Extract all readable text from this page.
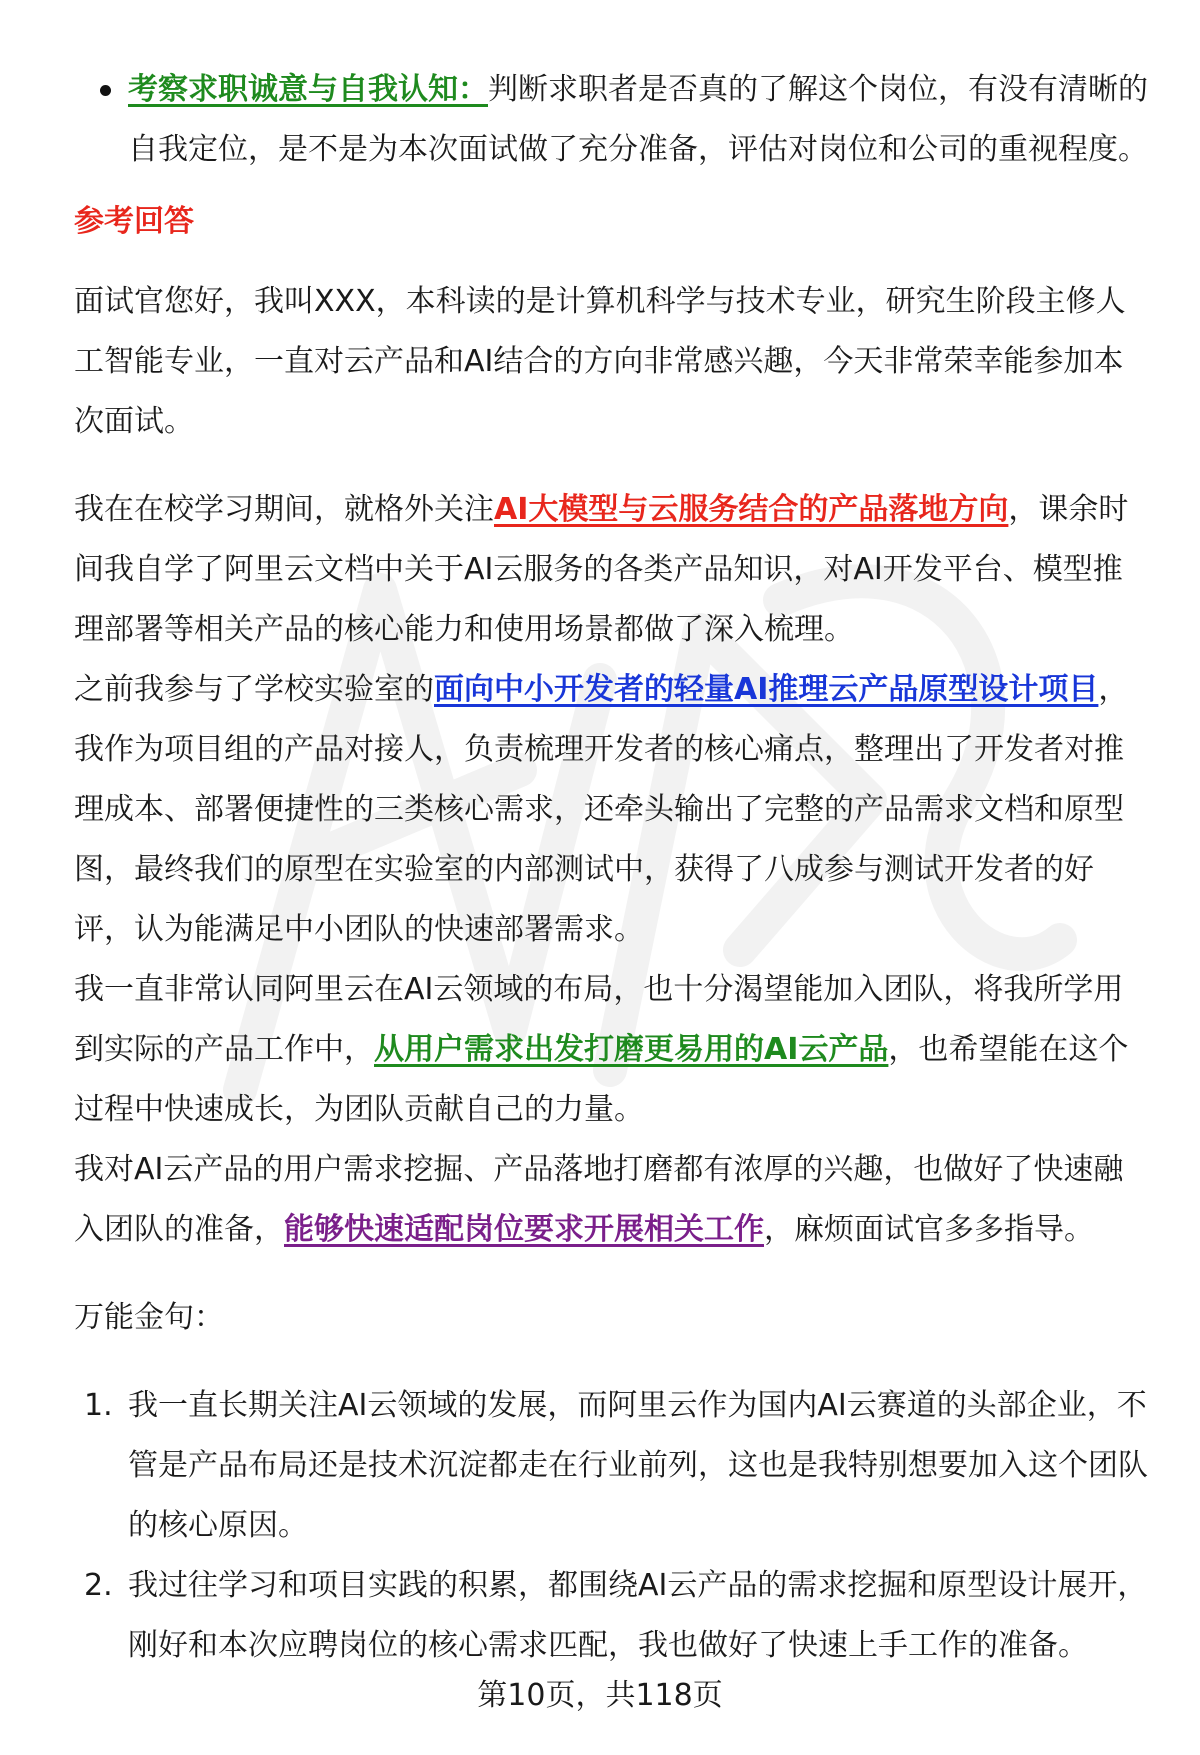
考察求职诚意与自我认知：判断求职者是否真的了解这个岗位，有没有清晰的自我定位，是不是为本次面试做了充分准备，评估对岗位和公司的重视程度。
参考回答

面试官您好，我叫XXX，本科读的是计算机科学与技术专业，研究生阶段主修人工智能专业，一直对云产品和AI结合的方向非常感兴趣，今天非常荣幸能参加本次面试。

我在在校学习期间，就格外关注AI大模型与云服务结合的产品落地方向，课余时间我自学了阿里云文档中关于AI云服务的各类产品知识，对AI开发平台、模型推理部署等相关产品的核心能力和使用场景都做了深入梳理。

之前我参与了学校实验室的面向中小开发者的轻量AI推理云产品原型设计项目，我作为项目组的产品对接人，负责梳理开发者的核心痛点，整理出了开发者对推理成本、部署便捷性的三类核心需求，还牵头输出了完整的产品需求文档和原型图，最终我们的原型在实验室的内部测试中，获得了八成参与测试开发者的好评，认为能满足中小团队的快速部署需求。

我一直非常认同阿里云在AI云领域的布局，也十分渴望能加入团队，将我所学用到实际的产品工作中，从用户需求出发打磨更易用的AI云产品，也希望能在这个过程中快速成长，为团队贡献自己的力量。

我对AI云产品的用户需求挖掘、产品落地打磨都有浓厚的兴趣，也做好了快速融入团队的准备，能够快速适配岗位要求开展相关工作，麻烦面试官多多指导。

万能金句：

1. 我一直长期关注AI云领域的发展，而阿里云作为国内AI云赛道的头部企业，不管是产品布局还是技术沉淀都走在行业前列，这也是我特别想要加入这个团队的核心原因。
2. 我过往学习和项目实践的积累，都围绕AI云产品的需求挖掘和原型设计展开，刚好和本次应聘岗位的核心需求匹配，我也做好了快速上手工作的准备。
第10页，共118页
